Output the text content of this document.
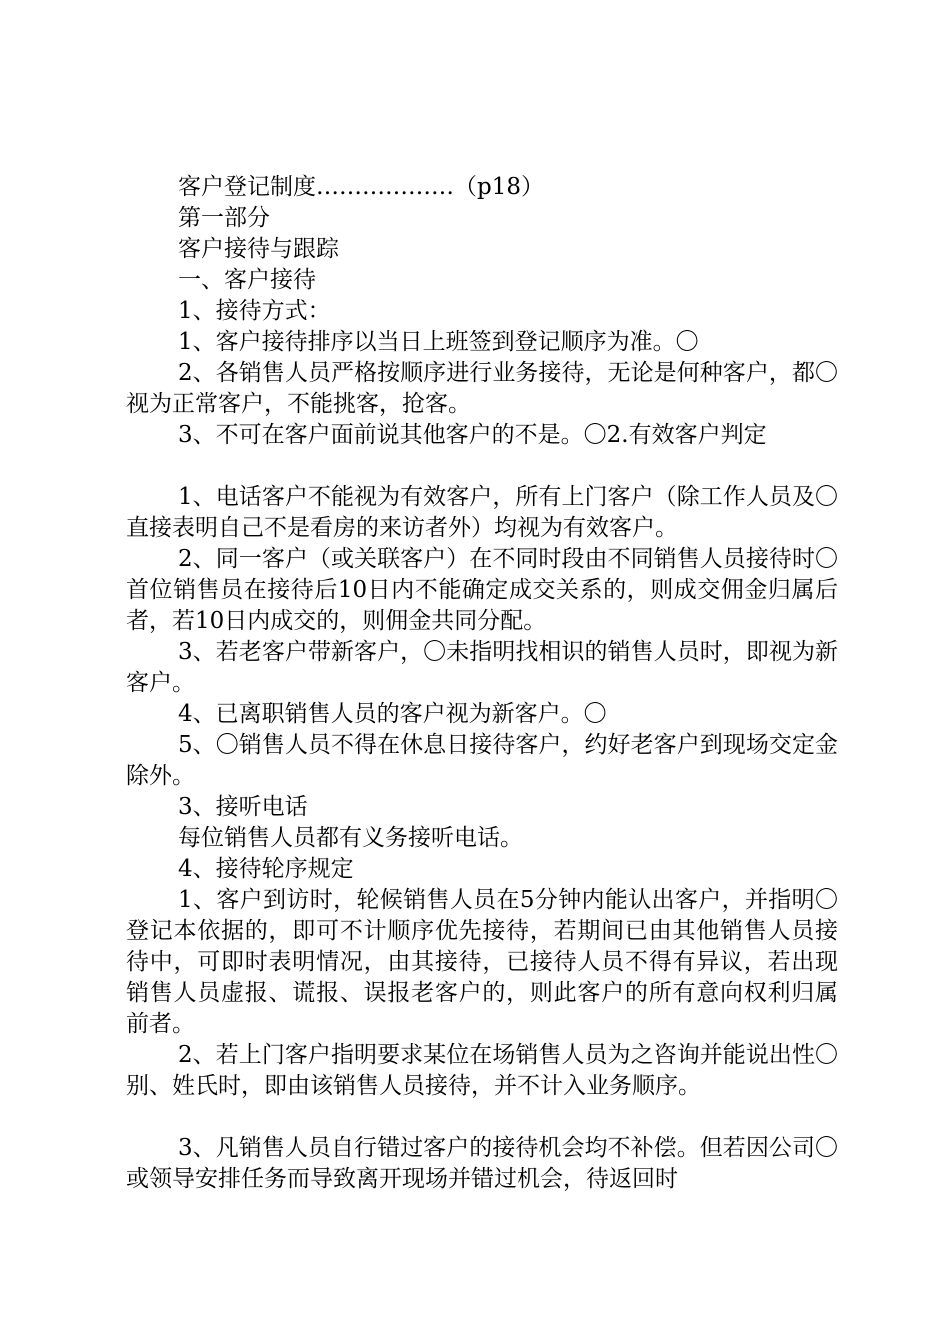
客户登记制度………………（p18）

第一部分

客户接待与跟踪

一、客户接待

1、接待方式：

1、客户接待排序以当日上班签到登记顺序为准。〇

2、各销售人员严格按顺序进行业务接待，无论是何种客户，都〇视为正常客户，不能挑客，抢客。

3、不可在客户面前说其他客户的不是。〇2.有效客户判定

1、电话客户不能视为有效客户，所有上门客户（除工作人员及〇直接表明自己不是看房的来访者外）均视为有效客户。

2、同一客户（或关联客户）在不同时段由不同销售人员接待时〇首位销售员在接待后10日内不能确定成交关系的，则成交佣金归属后者，若10日内成交的，则佣金共同分配。

3、若老客户带新客户，〇未指明找相识的销售人员时，即视为新客户。

4、已离职销售人员的客户视为新客户。〇

5、〇销售人员不得在休息日接待客户，约好老客户到现场交定金除外。

3、接听电话

每位销售人员都有义务接听电话。

4、接待轮序规定

1、客户到访时，轮候销售人员在5分钟内能认出客户，并指明〇登记本依据的，即可不计顺序优先接待，若期间已由其他销售人员接待中，可即时表明情况，由其接待，已接待人员不得有异议，若出现销售人员虚报、谎报、误报老客户的，则此客户的所有意向权利归属前者。

2、若上门客户指明要求某位在场销售人员为之咨询并能说出性〇别、姓氏时，即由该销售人员接待，并不计入业务顺序。

3、凡销售人员自行错过客户的接待机会均不补偿。但若因公司〇或领导安排任务而导致离开现场并错过机会，待返回时
